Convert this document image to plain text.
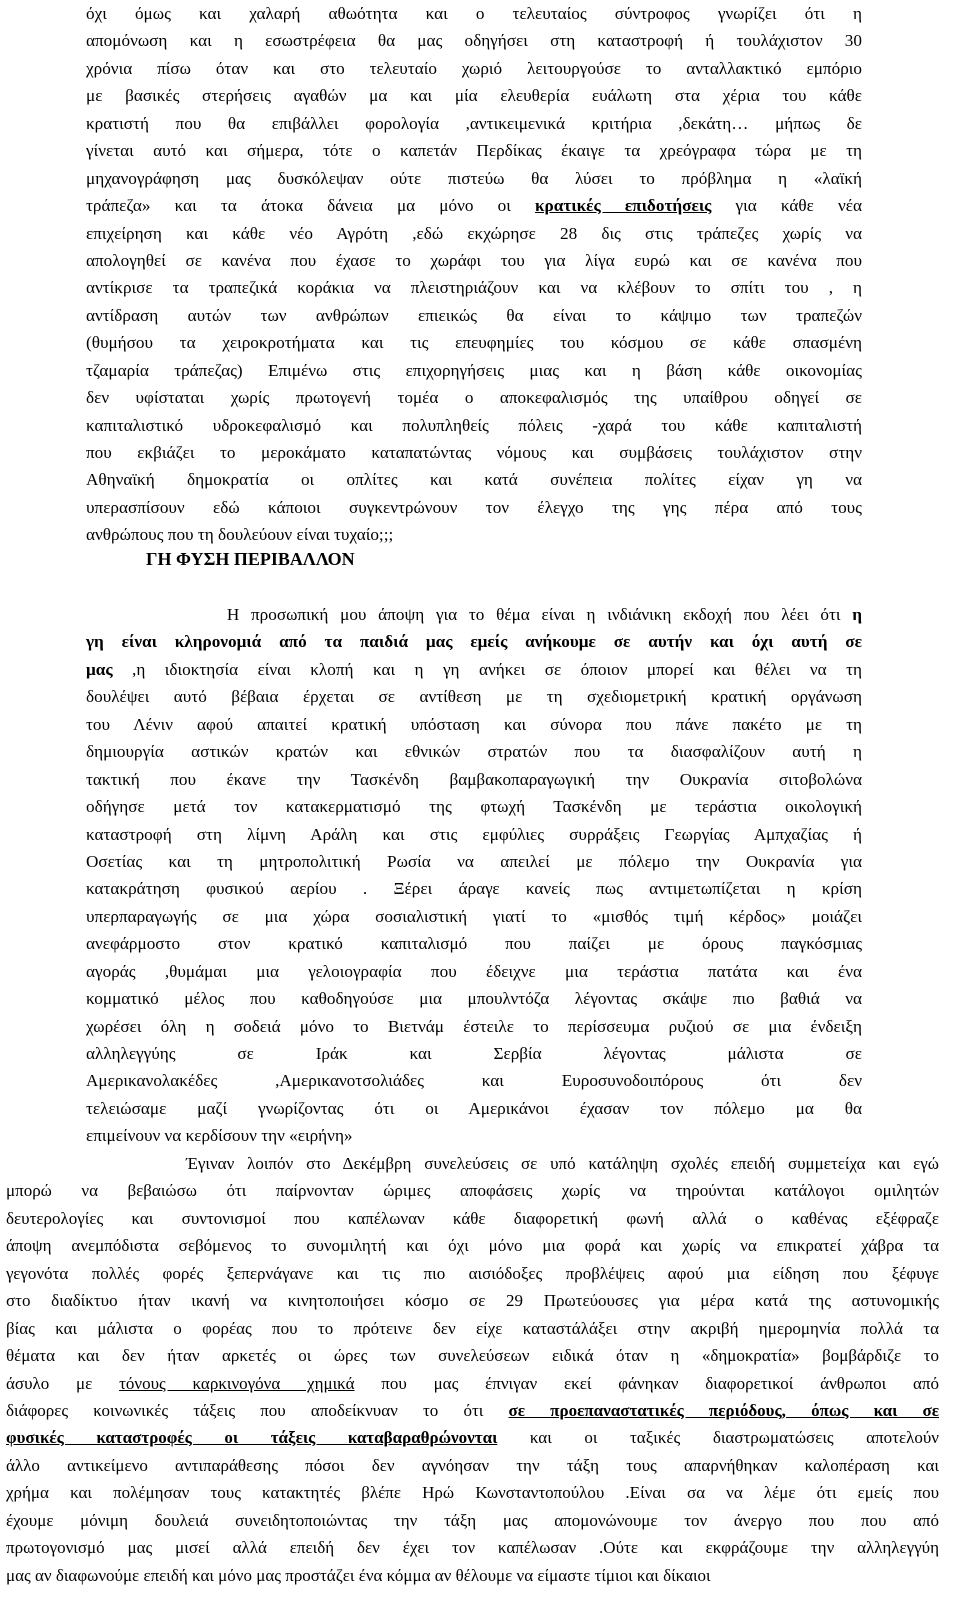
όχι όμως και χαλαρή αθωότητα και ο τελευταίος σύντροφος γνωρίζει ότι η
απομόνωση και η εσωστρέφεια θα μας οδηγήσει στη καταστροφή ή τουλάχιστον 30
χρόνια πίσω όταν και στο τελευταίο χωριό λειτουργούσε το ανταλλακτικό εμπόριο
με βασικές στερήσεις αγαθών μα και μία ελευθερία ευάλωτη στα χέρια του κάθε
κρατιστή που θα επιβάλλει φορολογία ,αντικειμενικά κριτήρια ,δεκάτη… μήπως δε
γίνεται αυτό και σήμερα, τότε ο καπετάν Περδίκας έκαιγε τα χρεόγραφα τώρα με τη
μηχανογράφηση μας δυσκόλεψαν ούτε πιστεύω θα λύσει το πρόβλημα η «λαϊκή
τράπεζα» και τα άτοκα δάνεια μα μόνο οι κρατικές επιδοτήσεις για κάθε νέα
επιχείρηση και κάθε νέο Αγρότη ,εδώ εκχώρησε 28 δις στις τράπεζες χωρίς να
απολογηθεί σε κανένα που έχασε το χωράφι του για λίγα ευρώ και σε κανένα που
αντίκρισε τα τραπεζικά κοράκια να πλειστηριάζουν και να κλέβουν το σπίτι του , η
αντίδραση αυτών των ανθρώπων επιεικώς θα είναι το κάψιμο των τραπεζών
(θυμήσου τα χειροκροτήματα και τις επευφημίες του κόσμου σε κάθε σπασμένη
τζαμαρία τράπεζας) Επιμένω στις επιχορηγήσεις μιας και η βάση κάθε οικονομίας
δεν υφίσταται χωρίς πρωτογενή τομέα ο αποκεφαλισμός της υπαίθρου οδηγεί σε
καπιταλιστικό υδροκεφαλισμό και πολυπληθείς πόλεις -χαρά του κάθε καπιταλιστή
που εκβιάζει το μεροκάματο καταπατώντας νόμους και συμβάσεις τουλάχιστον στην
Αθηναϊκή δημοκρατία οι οπλίτες και κατά συνέπεια πολίτες είχαν γη να
υπερασπίσουν εδώ κάποιοι συγκεντρώνουν τον έλεγχο της γης πέρα από τους
ανθρώπους που τη δουλεύουν είναι τυχαίο;;;
ΓΗ ΦΥΣΗ ΠΕΡΙΒΑΛΛΟΝ
Η προσωπική μου άποψη για το θέμα είναι η ινδιάνικη εκδοχή που λέει ότι η
γη είναι κληρονομιά από τα παιδιά μας εμείς ανήκουμε σε αυτήν και όχι αυτή σε
μας ,η ιδιοκτησία είναι κλοπή και η γη ανήκει σε όποιον μπορεί και θέλει να τη
δουλέψει αυτό βέβαια έρχεται σε αντίθεση με τη σχεδιομετρική κρατική οργάνωση
του Λένιν αφού απαιτεί κρατική υπόσταση και σύνορα που πάνε πακέτο με τη
δημιουργία αστικών κρατών και εθνικών στρατών που τα διασφαλίζουν αυτή η
τακτική που έκανε την Τασκένδη βαμβακοπαραγωγική την Ουκρανία σιτοβολώνα
οδήγησε μετά τον κατακερματισμό της φτωχή Τασκένδη με τεράστια οικολογική
καταστροφή στη λίμνη Αράλη και στις εμφύλιες συρράξεις Γεωργίας Αμπχαζίας ή
Οσετίας και τη μητροπολιτική Ρωσία να απειλεί με πόλεμο την Ουκρανία για
κατακράτηση φυσικού αερίου . Ξέρει άραγε κανείς πως αντιμετωπίζεται η κρίση
υπερπαραγωγής σε μια χώρα σοσιαλιστική γιατί το «μισθός τιμή κέρδος» μοιάζει
ανεφάρμοστο στον κρατικό καπιταλισμό που παίζει με όρους παγκόσμιας
αγοράς ,θυμάμαι μια γελοιογραφία που έδειχνε μια τεράστια πατάτα και ένα
κομματικό μέλος που καθοδηγούσε μια μπουλντόζα λέγοντας σκάψε πιο βαθιά να
χωρέσει όλη η σοδειά μόνο το Βιετνάμ έστειλε το περίσσευμα ρυζιού σε μια ένδειξη
αλληλεγγύης σε Ιράκ και Σερβία λέγοντας μάλιστα σε
Αμερικανολακέδες ,Αμερικανοτσολιάδες και Ευροσυνοδοιπόρους ότι δεν
τελειώσαμε μαζί γνωρίζοντας ότι οι Αμερικάνοι έχασαν τον πόλεμο μα θα
επιμείνουν να κερδίσουν την «ειρήνη»
Έγιναν λοιπόν στο Δεκέμβρη συνελεύσεις σε υπό κατάληψη σχολές επειδή συμμετείχα και εγώ
μπορώ να βεβαιώσω ότι παίρνονταν ώριμες αποφάσεις χωρίς να τηρούνται κατάλογοι ομιλητών
δευτερολογίες και συντονισμοί που καπέλωναν κάθε διαφορετική φωνή αλλά ο καθένας εξέφραζε
άποψη ανεμπόδιστα σεβόμενος το συνομιλητή και όχι μόνο μια φορά και χωρίς να επικρατεί χάβρα τα
γεγονότα πολλές φορές ξεπερνάγανε και τις πιο αισιόδοξες προβλέψεις αφού μια είδηση που ξέφυγε
στο διαδίκτυο ήταν ικανή να κινητοποιήσει κόσμο σε 29 Πρωτεύουσες για μέρα κατά της αστυνομικής
βίας και μάλιστα ο φορέας που το πρότεινε δεν είχε καταστάλάξει στην ακριβή ημερομηνία πολλά τα
θέματα και δεν ήταν αρκετές οι ώρες των συνελεύσεων ειδικά όταν η «δημοκρατία» βομβάρδιζε το
άσυλο με τόνους καρκινογόνα χημικά που μας έπνιγαν εκεί φάνηκαν διαφορετικοί άνθρωποι από
διάφορες κοινωνικές τάξεις που αποδείκνυαν το ότι σε προεπαναστατικές περιόδους, όπως και σε
φυσικές καταστροφές οι τάξεις καταβαραθρώνονται και οι ταξικές διαστρωματώσεις αποτελούν
άλλο αντικείμενο αντιπαράθεσης πόσοι δεν αγνόησαν την τάξη τους απαρνήθηκαν καλοπέραση και
χρήμα και πολέμησαν τους κατακτητές βλέπε Ηρώ Κωνσταντοπούλου .Είναι σα να λέμε ότι εμείς που
έχουμε μόνιμη δουλειά συνειδητοποιώντας την τάξη μας απομονώνουμε τον άνεργο που που από
πρωτογονισμό μας μισεί αλλά επειδή δεν έχει τον καπέλωσαν .Ούτε και εκφράζουμε την αλληλεγγύη
μας αν διαφωνούμε επειδή και μόνο μας προστάζει ένα κόμμα αν θέλουμε να είμαστε τίμιοι και δίκαιοι
